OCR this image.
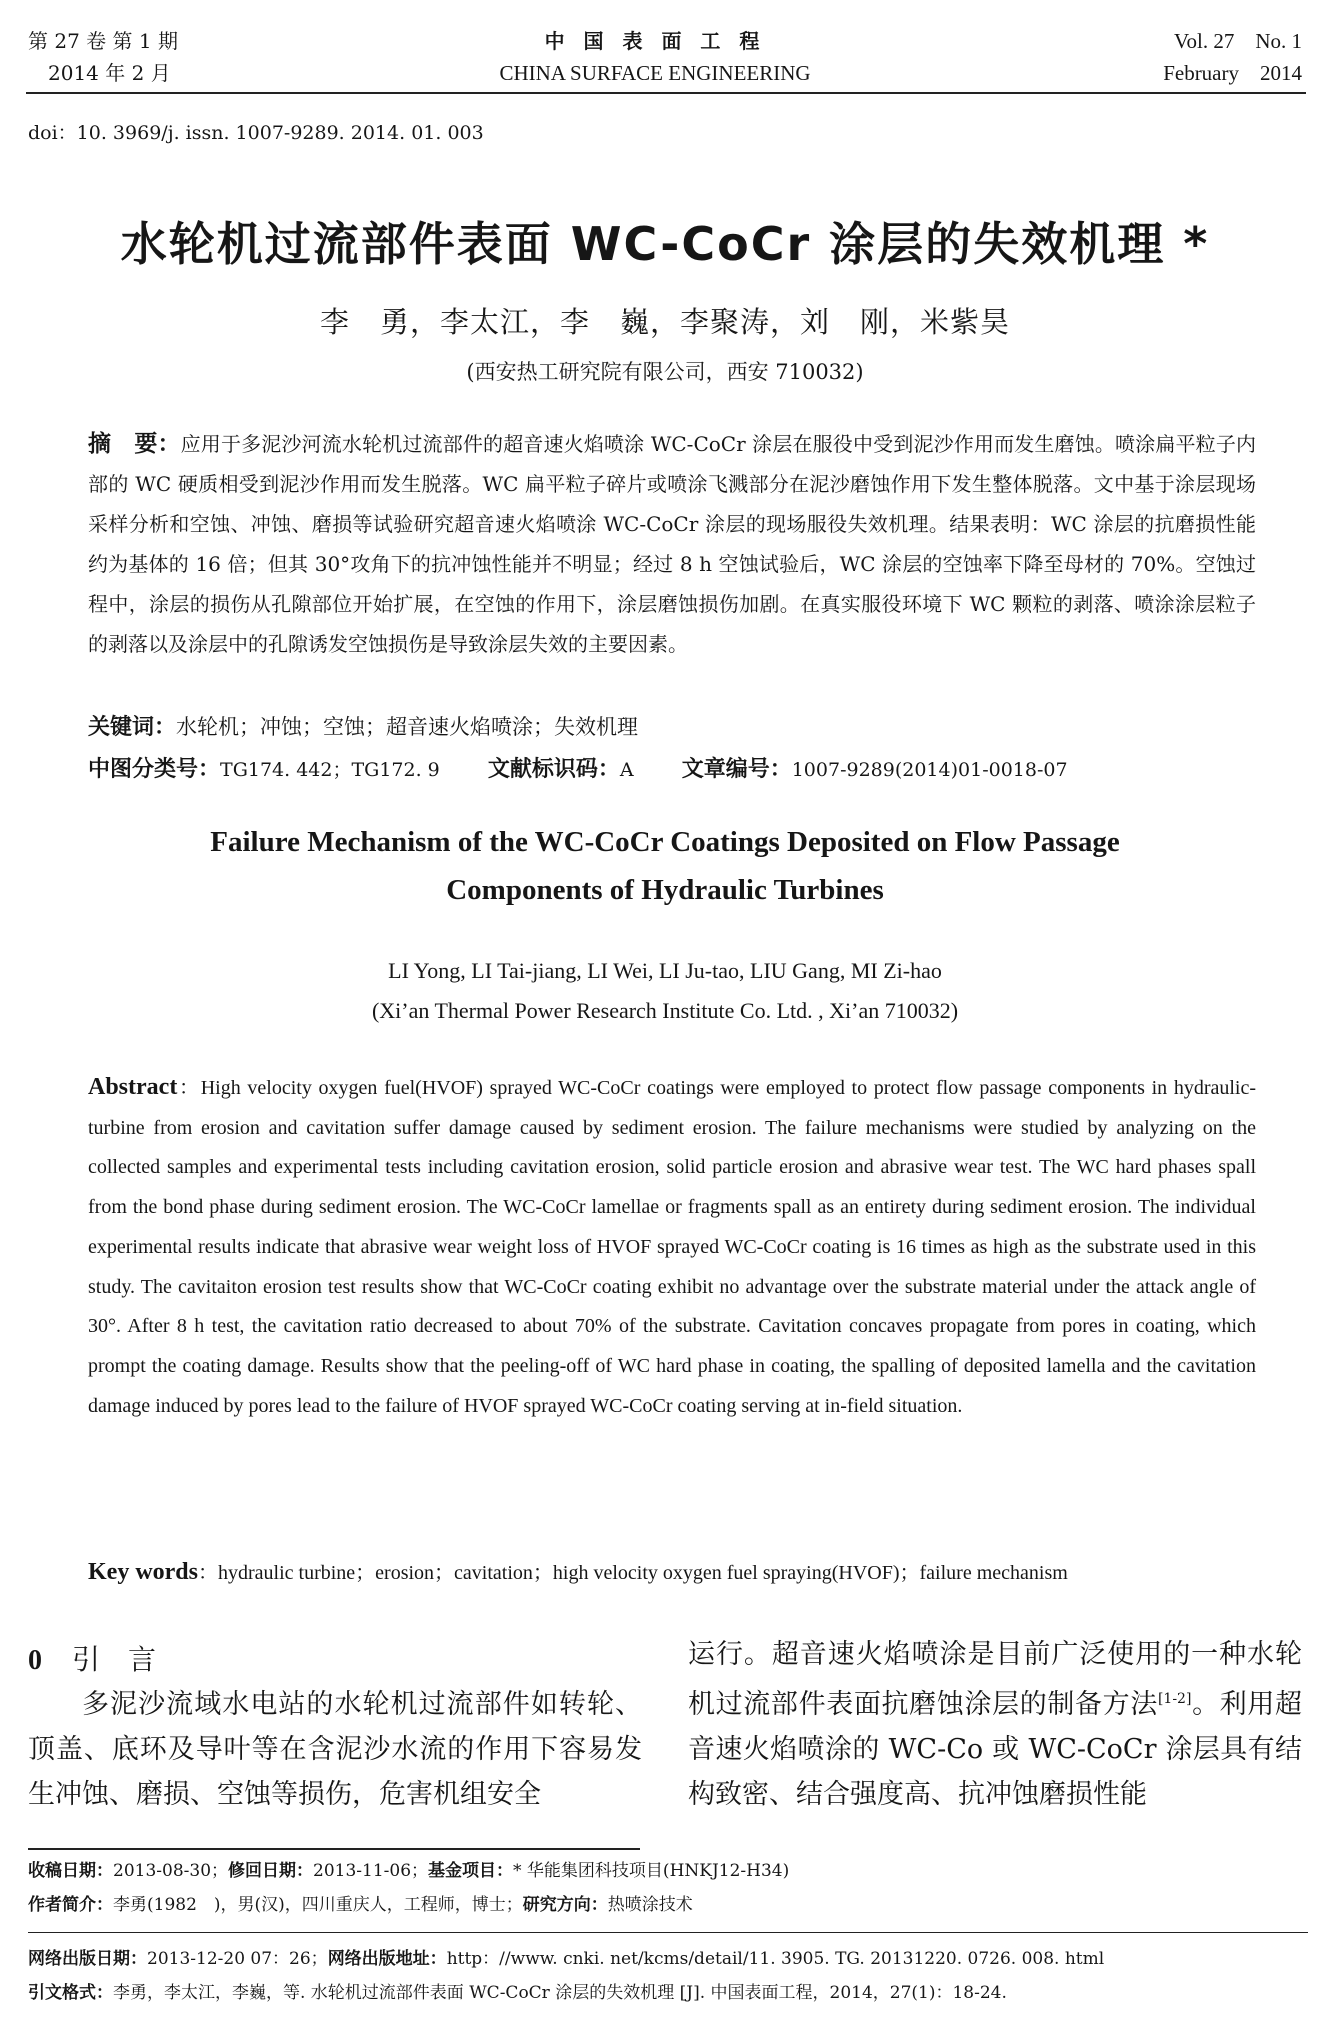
第 27 卷 第 1 期
2014 年 2 月
中 国 表 面 工 程
CHINA SURFACE ENGINEERING
Vol. 27    No. 1
February    2014
doi：10. 3969/j. issn. 1007-9289. 2014. 01. 003
水轮机过流部件表面 WC-CoCr 涂层的失效机理 *
李　勇，李太江，李　巍，李聚涛，刘　刚，米紫昊
(西安热工研究院有限公司，西安 710032)
摘　要：应用于多泥沙河流水轮机过流部件的超音速火焰喷涂 WC-CoCr 涂层在服役中受到泥沙作用而发生磨蚀。喷涂扁平粒子内部的 WC 硬质相受到泥沙作用而发生脱落。WC 扁平粒子碎片或喷涂飞溅部分在泥沙磨蚀作用下发生整体脱落。文中基于涂层现场采样分析和空蚀、冲蚀、磨损等试验研究超音速火焰喷涂 WC-CoCr 涂层的现场服役失效机理。结果表明：WC 涂层的抗磨损性能约为基体的 16 倍；但其 30°攻角下的抗冲蚀性能并不明显；经过 8 h 空蚀试验后，WC 涂层的空蚀率下降至母材的 70%。空蚀过程中，涂层的损伤从孔隙部位开始扩展，在空蚀的作用下，涂层磨蚀损伤加剧。在真实服役环境下 WC 颗粒的剥落、喷涂涂层粒子的剥落以及涂层中的孔隙诱发空蚀损伤是导致涂层失效的主要因素。
关键词：水轮机；冲蚀；空蚀；超音速火焰喷涂；失效机理
中图分类号：TG174. 442；TG172. 9 文献标识码：A 文章编号：1007-9289(2014)01-0018-07
Failure Mechanism of the WC-CoCr Coatings Deposited on Flow Passage
Components of Hydraulic Turbines
LI Yong, LI Tai-jiang, LI Wei, LI Ju-tao, LIU Gang, MI Zi-hao
(Xi’an Thermal Power Research Institute Co. Ltd. , Xi’an 710032)
Abstract：High velocity oxygen fuel(HVOF) sprayed WC-CoCr coatings were employed to protect flow passage components in hydraulic-turbine from erosion and cavitation suffer damage caused by sediment erosion. The failure mechanisms were studied by analyzing on the collected samples and experimental tests including cavitation erosion, solid particle erosion and abrasive wear test. The WC hard phases spall from the bond phase during sediment erosion. The WC-CoCr lamellae or fragments spall as an entirety during sediment erosion. The individual experimental results indicate that abrasive wear weight loss of HVOF sprayed WC-CoCr coating is 16 times as high as the substrate used in this study. The cavitaiton erosion test results show that WC-CoCr coating exhibit no advantage over the substrate material under the attack angle of 30°. After 8 h test, the cavitation ratio decreased to about 70% of the substrate. Cavitation concaves propagate from pores in coating, which prompt the coating damage. Results show that the peeling-off of WC hard phase in coating, the spalling of deposited lamella and the cavitation damage induced by pores lead to the failure of HVOF sprayed WC-CoCr coating serving at in-field situation.
Key words：hydraulic turbine；erosion；cavitation；high velocity oxygen fuel spraying(HVOF)；failure mechanism
0 引　言
多泥沙流域水电站的水轮机过流部件如转轮、顶盖、底环及导叶等在含泥沙水流的作用下容易发生冲蚀、磨损、空蚀等损伤，危害机组安全
运行。超音速火焰喷涂是目前广泛使用的一种水轮机过流部件表面抗磨蚀涂层的制备方法[1-2]。利用超音速火焰喷涂的 WC-Co 或 WC-CoCr 涂层具有结构致密、结合强度高、抗冲蚀磨损性能
收稿日期：2013-08-30；修回日期：2013-11-06；基金项目：* 华能集团科技项目(HNKJ12-H34)
作者简介：李勇(1982　)，男(汉)，四川重庆人，工程师，博士；研究方向：热喷涂技术
网络出版日期：2013-12-20 07：26；网络出版地址：http：//www. cnki. net/kcms/detail/11. 3905. TG. 20131220. 0726. 008. html
引文格式：李勇，李太江，李巍，等. 水轮机过流部件表面 WC-CoCr 涂层的失效机理 [J]. 中国表面工程，2014，27(1)：18-24.
